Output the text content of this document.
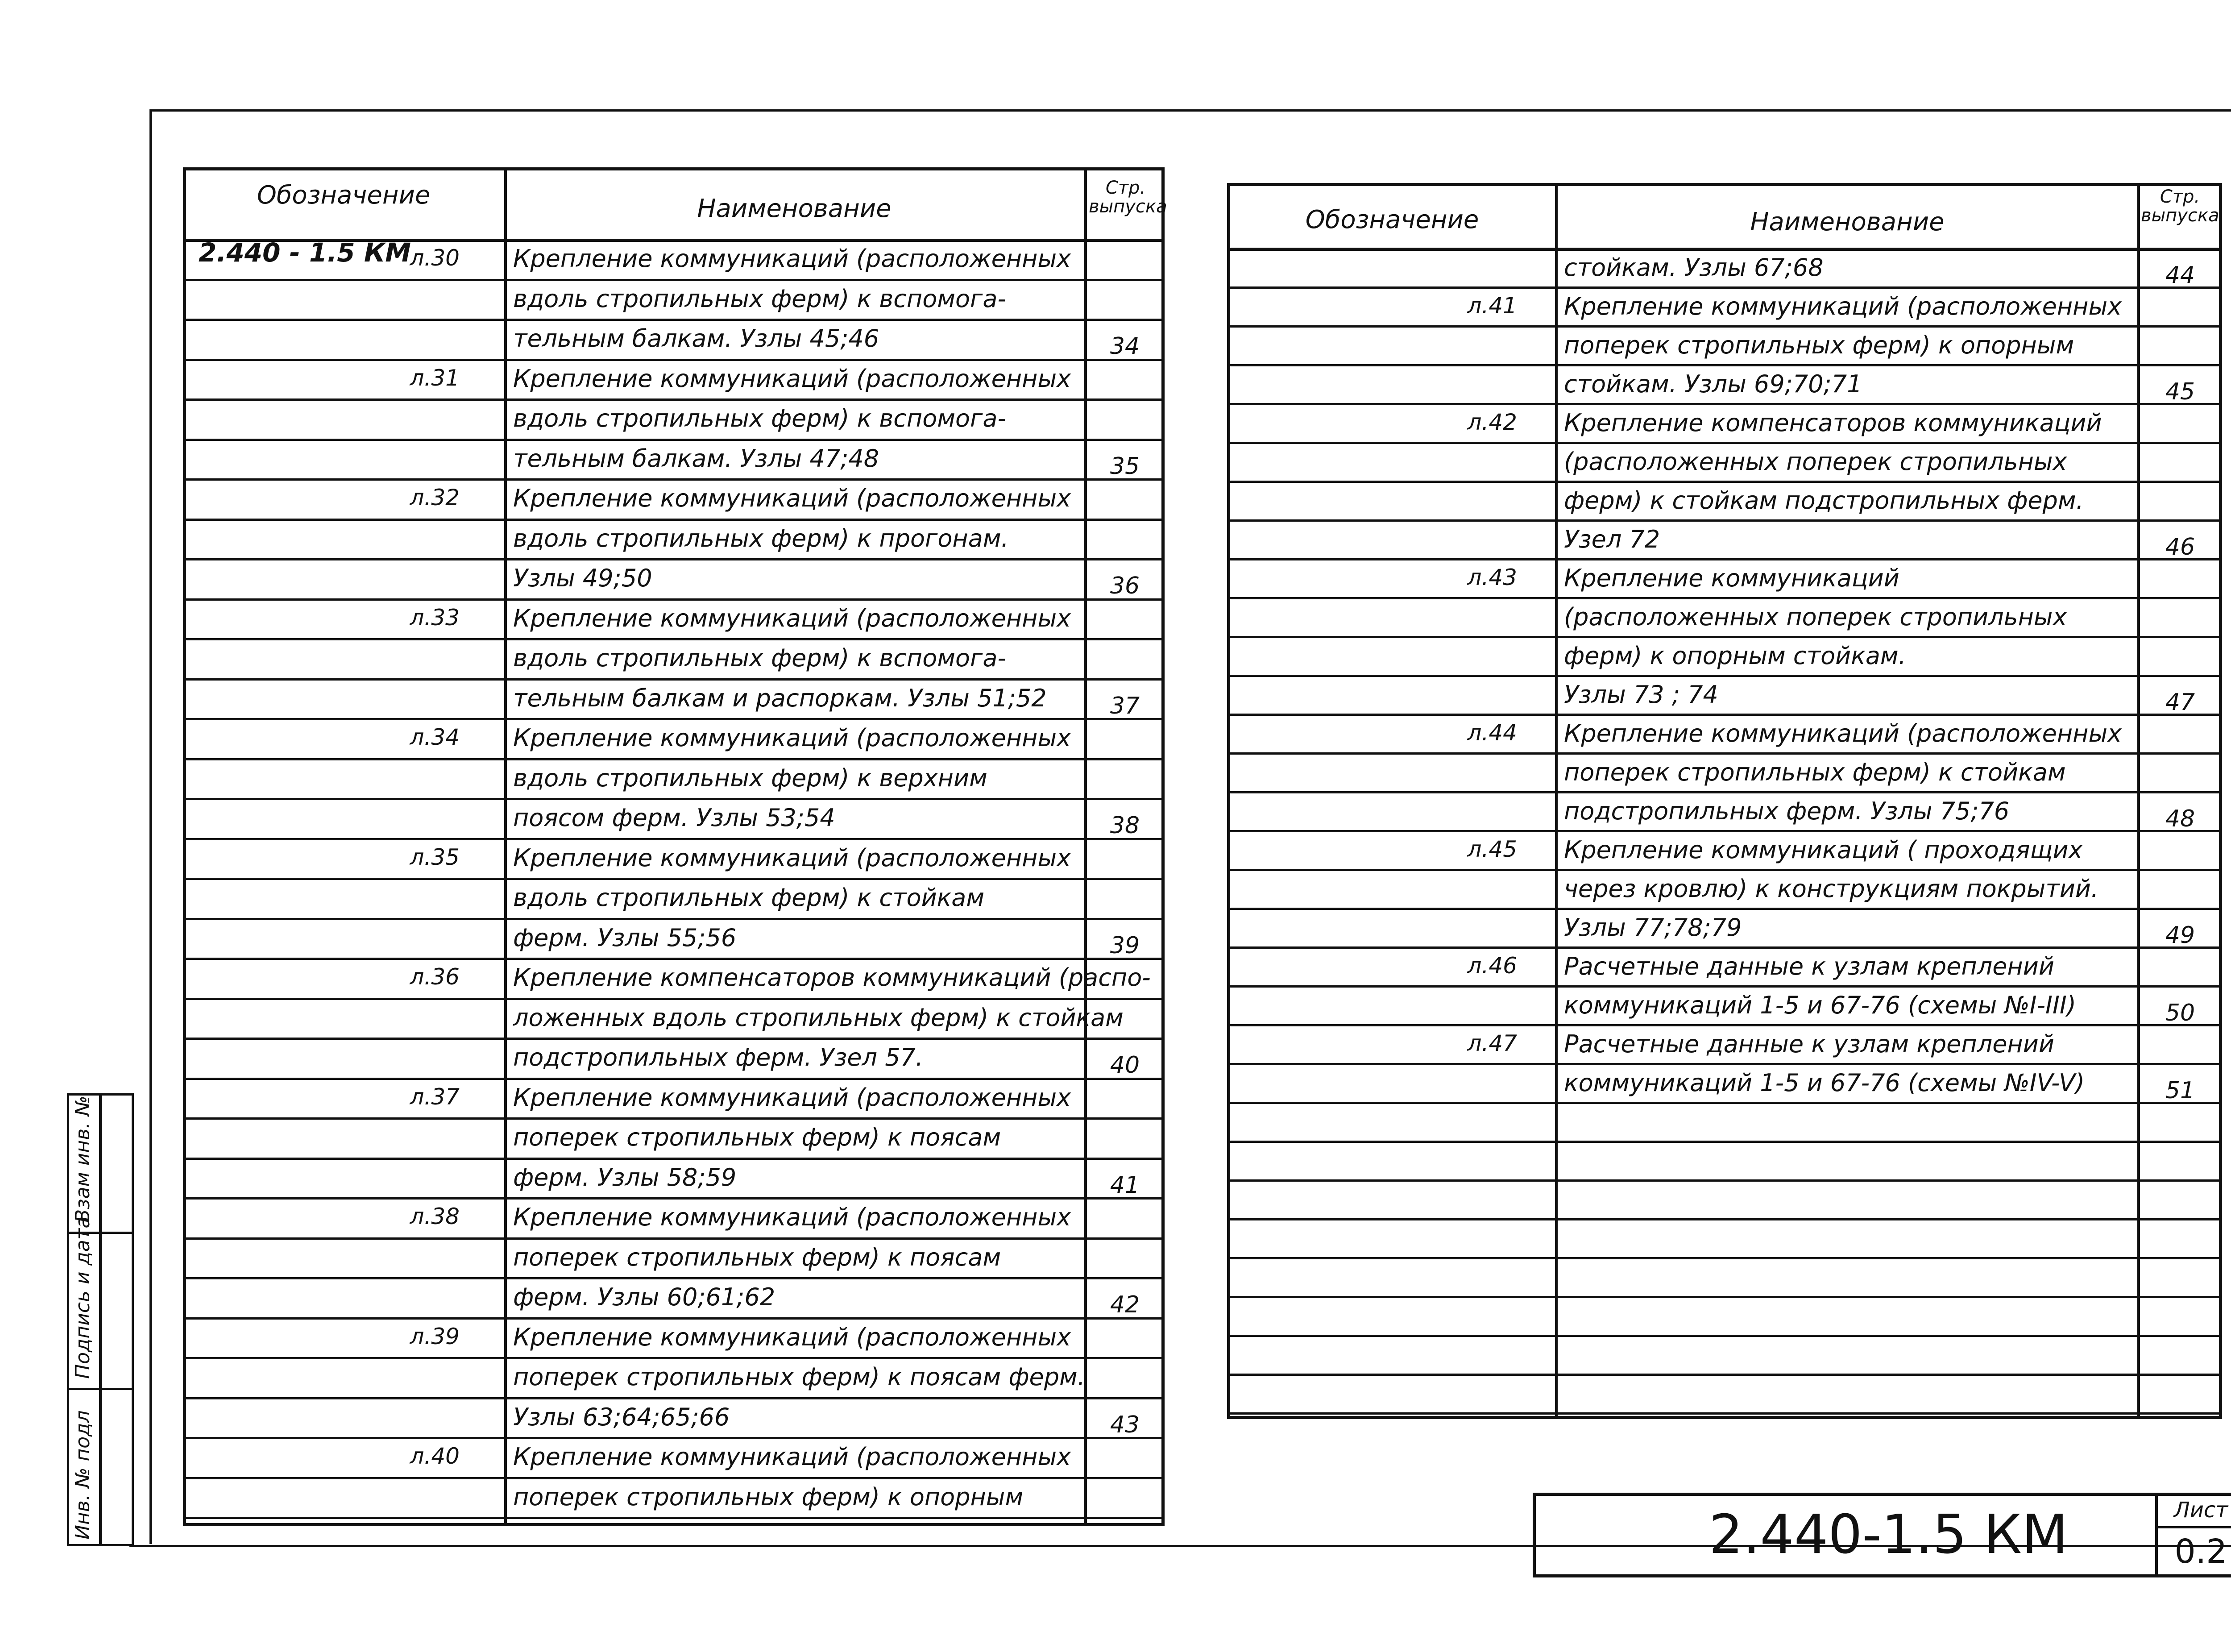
Взам инв. №
Подпись и дата
Инв. № подл
Обозначение	Наименование
Стр. выпуска
2.440 - 1.5 КМ
л.30 Крепление коммуникаций (расположенных
вдоль стропильных ферм) к вспомога-
тельным балкам. Узлы 45;46	34
л.31 Крепление коммуникаций (расположенных
вдоль стропильных ферм) к вспомога-
тельным балкам. Узлы 47;48	35
л.32 Крепление коммуникаций (расположенных
вдоль стропильных ферм) к прогонам.
Узлы 49;50	36
л.33 Крепление коммуникаций (расположенных
вдоль стропильных ферм) к вспомога-
тельным балкам и распоркам. Узлы 51;52	37
л.34 Крепление коммуникаций (расположенных
вдоль стропильных ферм) к верхним
поясом ферм. Узлы 53;54	38
л.35 Крепление коммуникаций (расположенных
вдоль стропильных ферм) к стойкам
ферм. Узлы 55;56	39
л.36 Крепление компенсаторов коммуникаций (распо-
ложенных вдоль стропильных ферм) к стойкам
подстропильных ферм. Узел 57.	40
л.37 Крепление коммуникаций (расположенных
поперек стропильных ферм) к поясам
ферм. Узлы 58;59	41
л.38 Крепление коммуникаций (расположенных
поперек стропильных ферм) к поясам
ферм. Узлы 60;61;62	42
л.39 Крепление коммуникаций (расположенных
поперек стропильных ферм) к поясам ферм.
Узлы 63;64;65;66	43
л.40 Крепление коммуникаций (расположенных
поперек стропильных ферм) к опорным
Обозначение	Наименование
Стр. выпуска
стойкам. Узлы 67;68	44
л.41 Крепление коммуникаций (расположенных
поперек стропильных ферм) к опорным
стойкам. Узлы 69;70;71	45
л.42 Крепление компенсаторов коммуникаций
(расположенных поперек стропильных
ферм) к стойкам подстропильных ферм.
Узел 72	46
л.43 Крепление коммуникаций
(расположенных поперек стропильных
ферм) к опорным стойкам.
Узлы 73 ; 74	47
л.44 Крепление коммуникаций (расположенных
поперек стропильных ферм) к стойкам
подстропильных ферм. Узлы 75;76	48
л.45 Крепление коммуникаций ( проходящих
через кровлю) к конструкциям покрытий.
Узлы 77;78;79	49
л.46 Расчетные данные к узлам креплений
коммуникаций 1-5 и 67-76 (схемы №I-III)	50
л.47 Расчетные данные к узлам креплений
коммуникаций 1-5 и 67-76 (схемы №IV-V)	51
2.440-1.5 КМ	Лист
0.2
